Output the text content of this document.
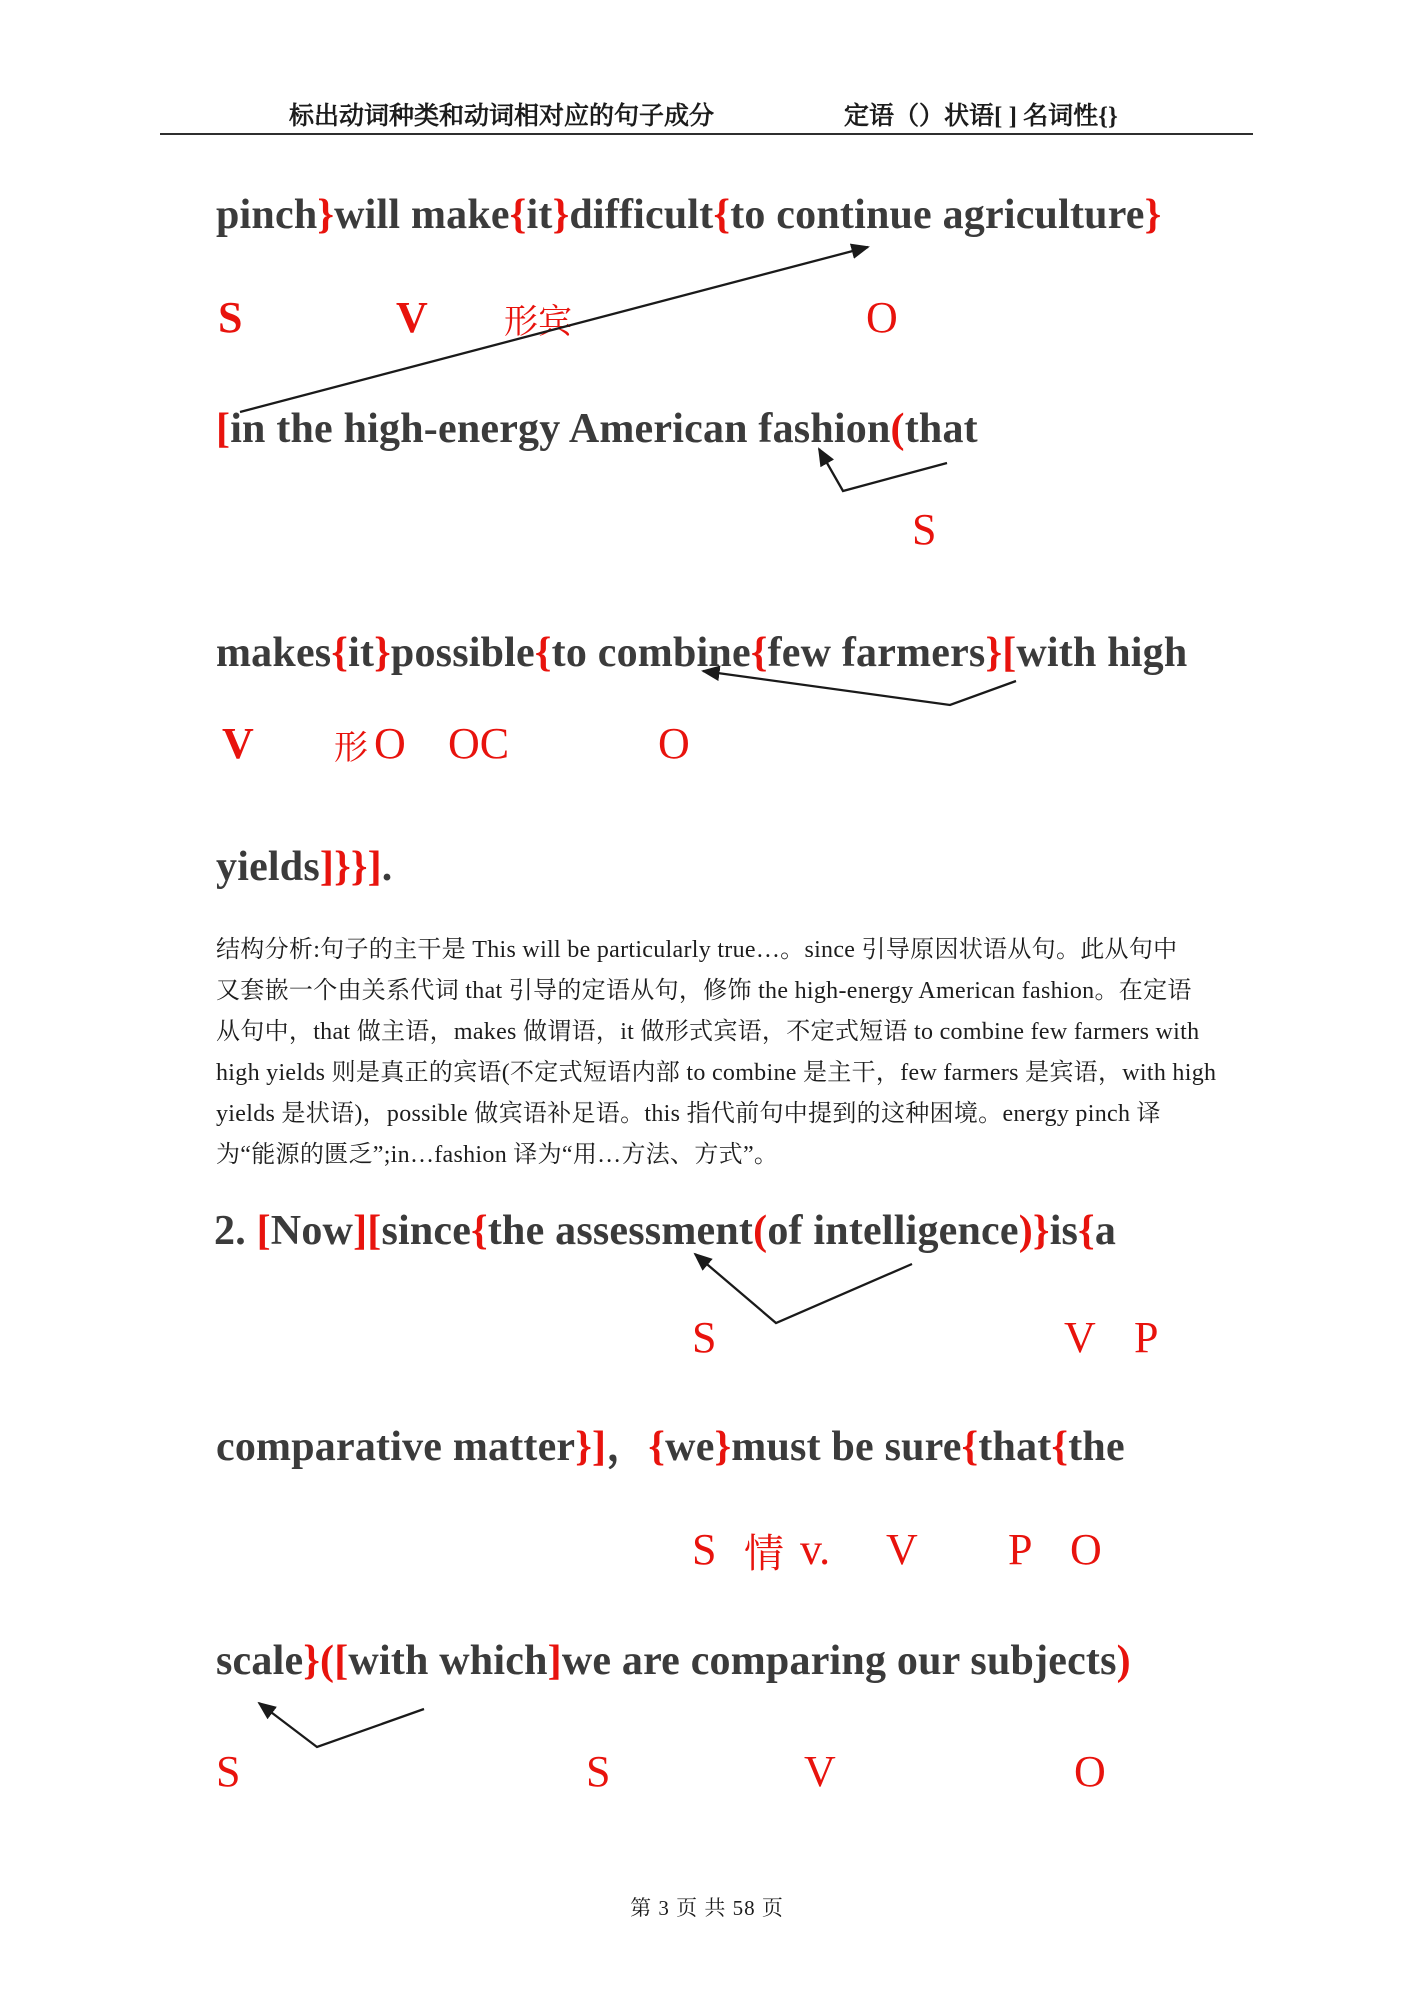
标出动词种类和动词相对应的句子成分	定语（）状语[ ] 名词性{}
pinch}will make{it}difficult{to continue agriculture}
[in the high-energy American fashion(that
makes{it}possible{to combine{few farmers}[with high
yields]}}].
2. [Now][since{the assessment(of intelligence)}is{a
comparative matter}]，{we}must be sure{that{the
scale}([with which]we are comparing our subjects)
S	V 形宾	O
S
V 形 O OC	O
结构分析:句子的主干是 This will be particularly true…。since 引导原因状语从句。此从句中
又套嵌一个由关系代词 that 引导的定语从句，修饰 the high-energy American fashion。在定语
从句中，that 做主语，makes 做谓语，it 做形式宾语，不定式短语 to combine few farmers with
high yields 则是真正的宾语(不定式短语内部 to combine 是主干，few farmers 是宾语，with high
yields 是状语)，possible 做宾语补足语。this 指代前句中提到的这种困境。energy pinch 译
为“能源的匮乏”;in…fashion 译为“用…方法、方式”。
S	V P
S 情 v. V P O
S	S	V	O
第 3 页 共 58 页
